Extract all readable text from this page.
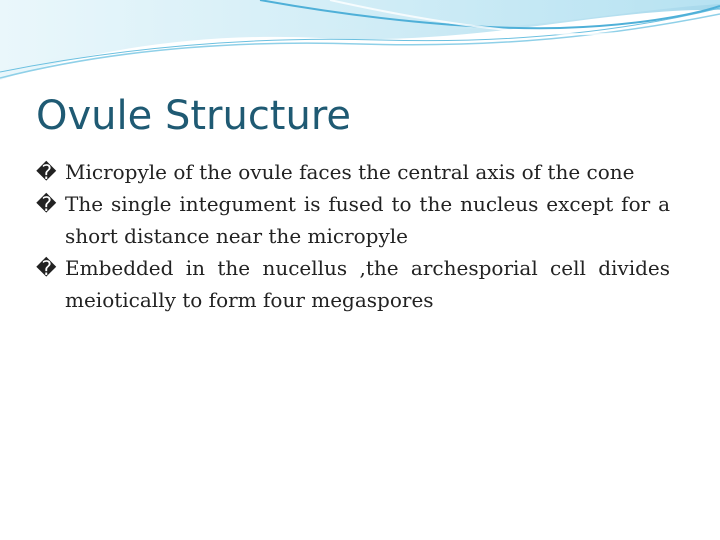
Ovule Structure
� Micropyle of the ovule faces the central axis of the cone
� The single integument is fused to the nucleus except for a short distance near the micropyle
� Embedded in the nucellus ,the archesporial cell divides meiotically to form four megaspores
